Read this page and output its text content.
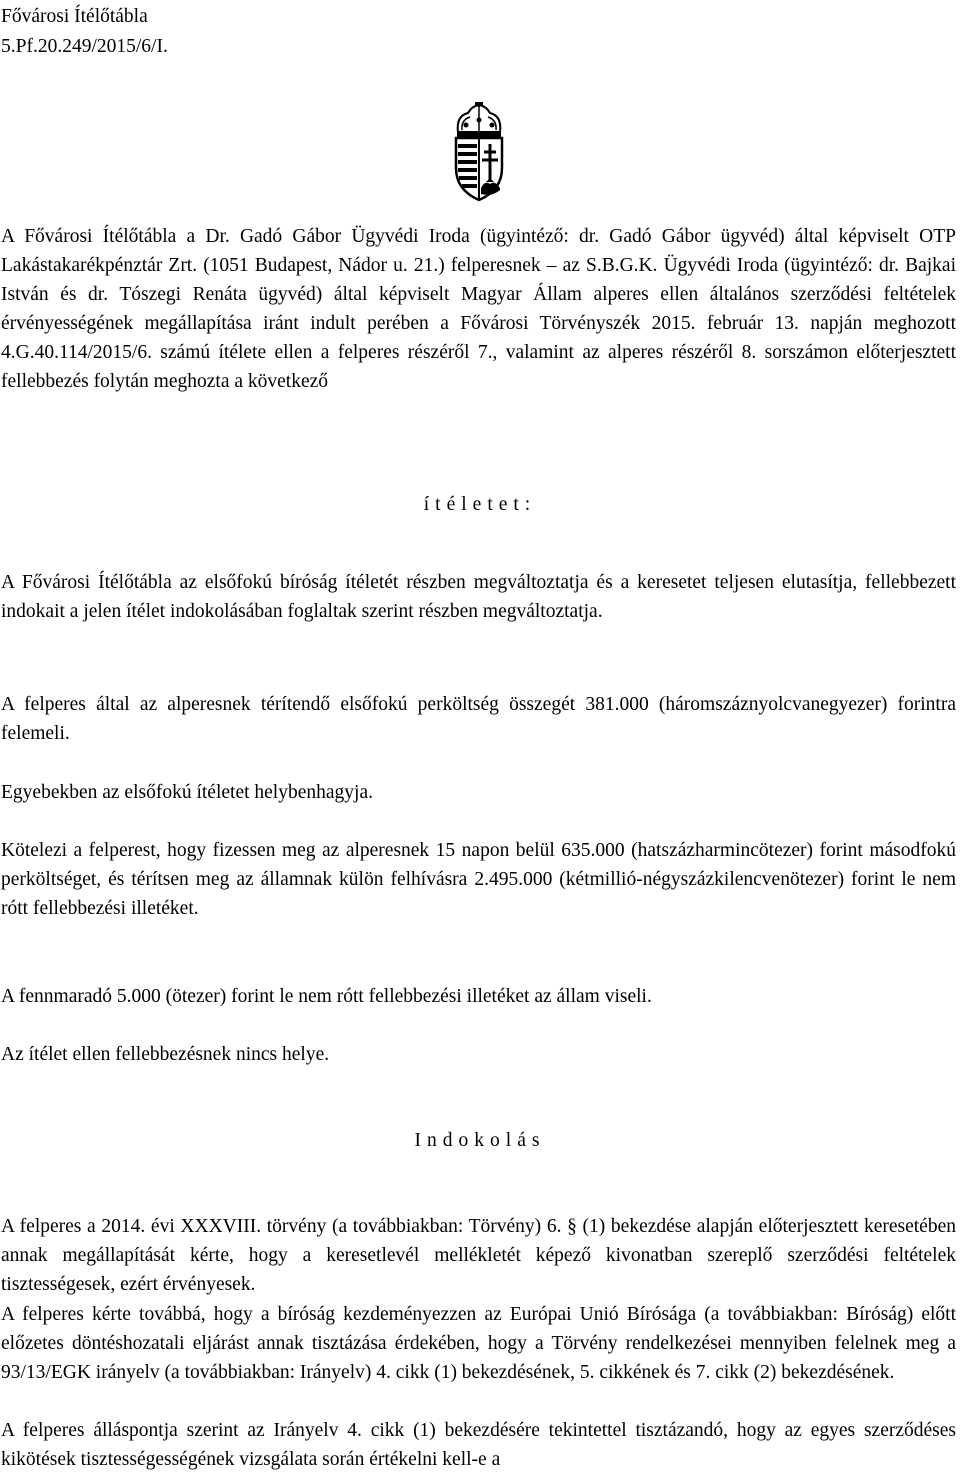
Fővárosi Ítélőtábla
5.Pf.20.249/2015/6/I.

A Fővárosi Ítélőtábla a Dr. Gadó Gábor Ügyvédi Iroda (ügyintéző: dr. Gadó Gábor ügyvéd) által képviselt OTP Lakástakarékpénztár Zrt. (1051 Budapest, Nádor u. 21.) felperesnek – az S.B.G.K. Ügyvédi Iroda (ügyintéző: dr. Bajkai István és dr. Tószegi Renáta ügyvéd) által képviselt Magyar Állam alperes ellen általános szerződési feltételek érvényességének megállapítása iránt indult perében a Fővárosi Törvényszék 2015. február 13. napján meghozott 4.G.40.114/2015/6. számú ítélete ellen a felperes részéről 7., valamint az alperes részéről 8. sorszámon előterjesztett fellebbezés folytán meghozta a következő

ítéletet:

A Fővárosi Ítélőtábla az elsőfokú bíróság ítéletét részben megváltoztatja és a keresetet teljesen elutasítja, fellebbezett indokait a jelen ítélet indokolásában foglaltak szerint részben megváltoztatja.

A felperes által az alperesnek térítendő elsőfokú perköltség összegét 381.000 (háromszáznyolcvanegyezer) forintra felemeli.

Egyebekben az elsőfokú ítéletet helybenhagyja.

Kötelezi a felperest, hogy fizessen meg az alperesnek 15 napon belül 635.000 (hatszázharmincötezer) forint másodfokú perköltséget, és térítsen meg az államnak külön felhívásra 2.495.000 (kétmillió-négyszázkilencvenötezer) forint le nem rótt fellebbezési illetéket.

A fennmaradó 5.000 (ötezer) forint le nem rótt fellebbezési illetéket az állam viseli.

Az ítélet ellen fellebbezésnek nincs helye.

Indokolás

A felperes a 2014. évi XXXVIII. törvény (a továbbiakban: Törvény) 6. § (1) bekezdése alapján előterjesztett keresetében annak megállapítását kérte, hogy a keresetlevél mellékletét képező kivonatban szereplő szerződési feltételek tisztességesek, ezért érvényesek.

A felperes kérte továbbá, hogy a bíróság kezdeményezzen az Európai Unió Bírósága (a továbbiakban: Bíróság) előtt előzetes döntéshozatali eljárást annak tisztázása érdekében, hogy a Törvény rendelkezései mennyiben felelnek meg a 93/13/EGK irányelv (a továbbiakban: Irányelv) 4. cikk (1) bekezdésének, 5. cikkének és 7. cikk (2) bekezdésének.

A felperes álláspontja szerint az Irányelv 4. cikk (1) bekezdésére tekintettel tisztázandó, hogy az egyes szerződéses kikötések tisztességességének vizsgálata során értékelni kell-e a
